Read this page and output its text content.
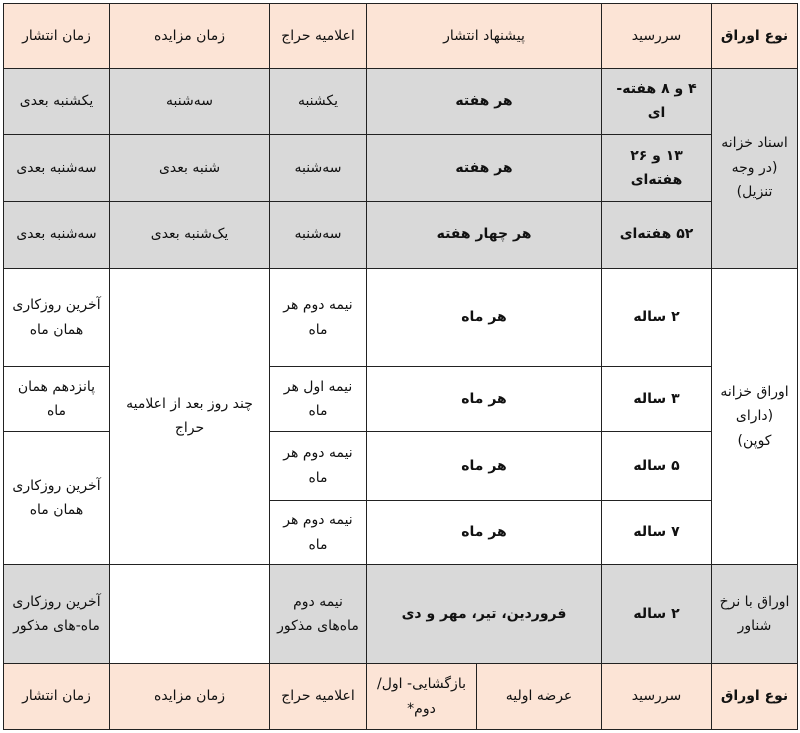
نوع اوراق	سررسید	پیشنهاد انتشار		اعلامیه حراج	زمان مزایده	زمان انتشار
اسناد خزانه (در وجه تنزیل)	۴ و ۸ هفته-ای	هر هفته		یکشنبه	سه‌شنبه	یکشنبه بعدی
	۱۳ و ۲۶ هفته‌ای	هر هفته		سه‌شنبه	شنبه بعدی	سه‌شنبه بعدی
	۵۲ هفته‌ای	هر چهار هفته		سه‌شنبه	یک‌شنبه بعدی	سه‌شنبه بعدی
اوراق خزانه (دارای کوپن)	۲ ساله	هر ماه		نیمه دوم هر ماه	چند روز بعد از اعلامیه حراج	آخرین روزکاری همان ماه
	۳ ساله	هر ماه		نیمه اول هر ماه		پانزدهم همان ماه
	۵ ساله	هر ماه		نیمه دوم هر ماه		آخرین روزکاری همان ماه
	۷ ساله	هر ماه		نیمه دوم هر ماه		
اوراق با نرخ شناور	۲ ساله	فروردین، تیر، مهر و دی		نیمه دوم ماه‌های مذکور		آخرین روزکاری ماه-های مذکور
نوع اوراق	سررسید	عرضه اولیه	بازگشایی- اول/دوم*	اعلامیه حراج	زمان مزایده	زمان انتشار
